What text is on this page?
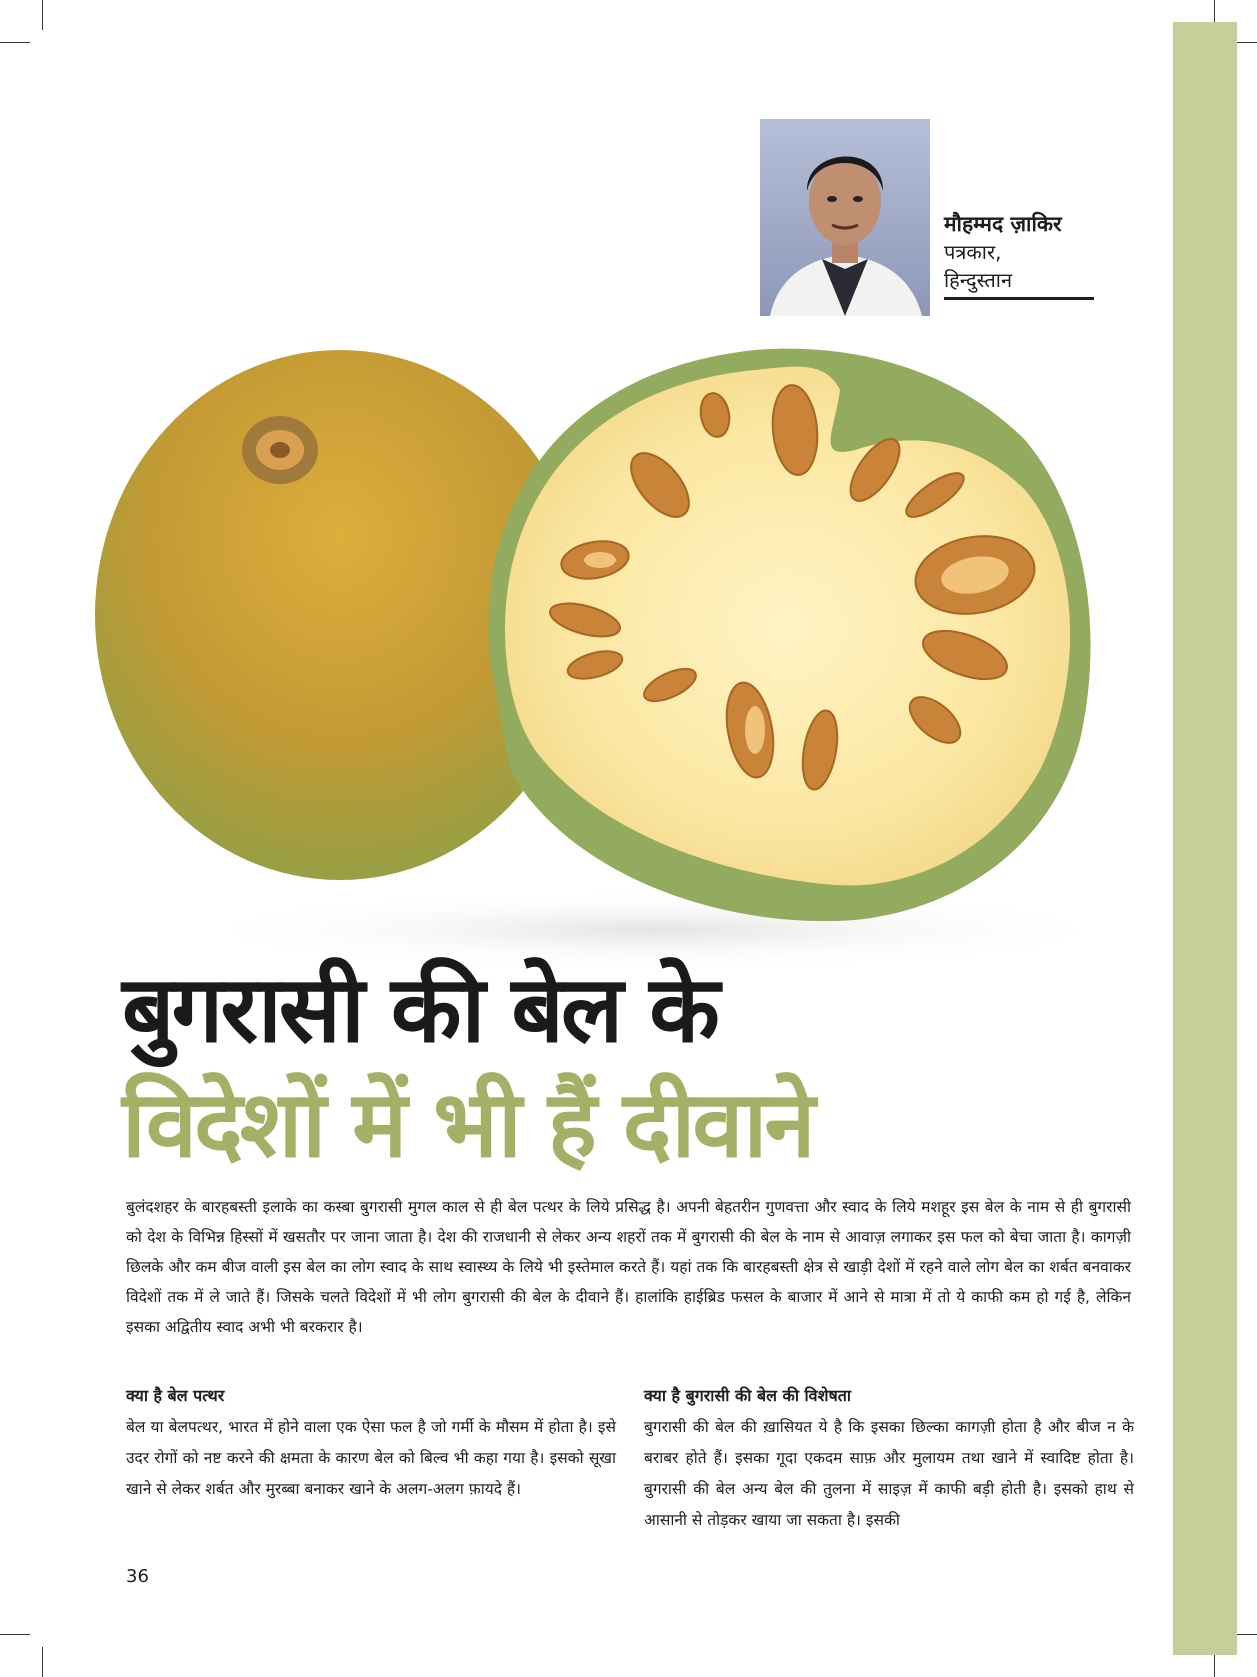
मौहम्मद ज़ाकिर
पत्रकार,
हिन्दुस्तान
बुगरासी की बेल के
विदेशों में भी हैं दीवाने

बुलंदशहर के बारहबस्ती इलाके का कस्बा बुगरासी मुगल काल से ही बेल पत्थर के लिये प्रसिद्ध है। अपनी बेहतरीन गुणवत्ता और स्वाद के लिये मशहूर इस बेल के नाम से ही बुगरासी को देश के विभिन्न हिस्सों में खसतौर पर जाना जाता है। देश की राजधानी से लेकर अन्य शहरों तक में बुगरासी की बेल के नाम से आवाज़ लगाकर इस फल को बेचा जाता है। कागज़ी छिलके और कम बीज वाली इस बेल का लोग स्वाद के साथ स्वास्थ्य के लिये भी इस्तेमाल करते हैं। यहां तक कि बारहबस्ती क्षेत्र से खाड़ी देशों में रहने वाले लोग बेल का शर्बत बनवाकर विदेशों तक में ले जाते हैं। जिसके चलते विदेशों में भी लोग बुगरासी की बेल के दीवाने हैं। हालांकि हाईब्रिड फसल के बाजार में आने से मात्रा में तो ये काफी कम हो गई है, लेकिन इसका अद्वितीय स्वाद अभी भी बरकरार है।

क्या है बेल पत्थर

बेल या बेलपत्थर, भारत में होने वाला एक ऐसा फल है जो गर्मी के मौसम में होता है। इसे उदर रोगों को नष्ट करने की क्षमता के कारण बेल को बिल्व भी कहा गया है। इसको सूखा खाने से लेकर शर्बत और मुरब्बा बनाकर खाने के अलग-अलग फ़ायदे हैं।

क्या है बुगरासी की बेल की विशेषता

बुगरासी की बेल की ख़ासियत ये है कि इसका छिल्का कागज़ी होता है और बीज न के बराबर होते हैं। इसका गूदा एकदम साफ़ और मुलायम तथा खाने में स्वादिष्ट होता है। बुगरासी की बेल अन्य बेल की तुलना में साइज़ में काफी बड़ी होती है। इसको हाथ से आसानी से तोड़कर खाया जा सकता है। इसकी

36
